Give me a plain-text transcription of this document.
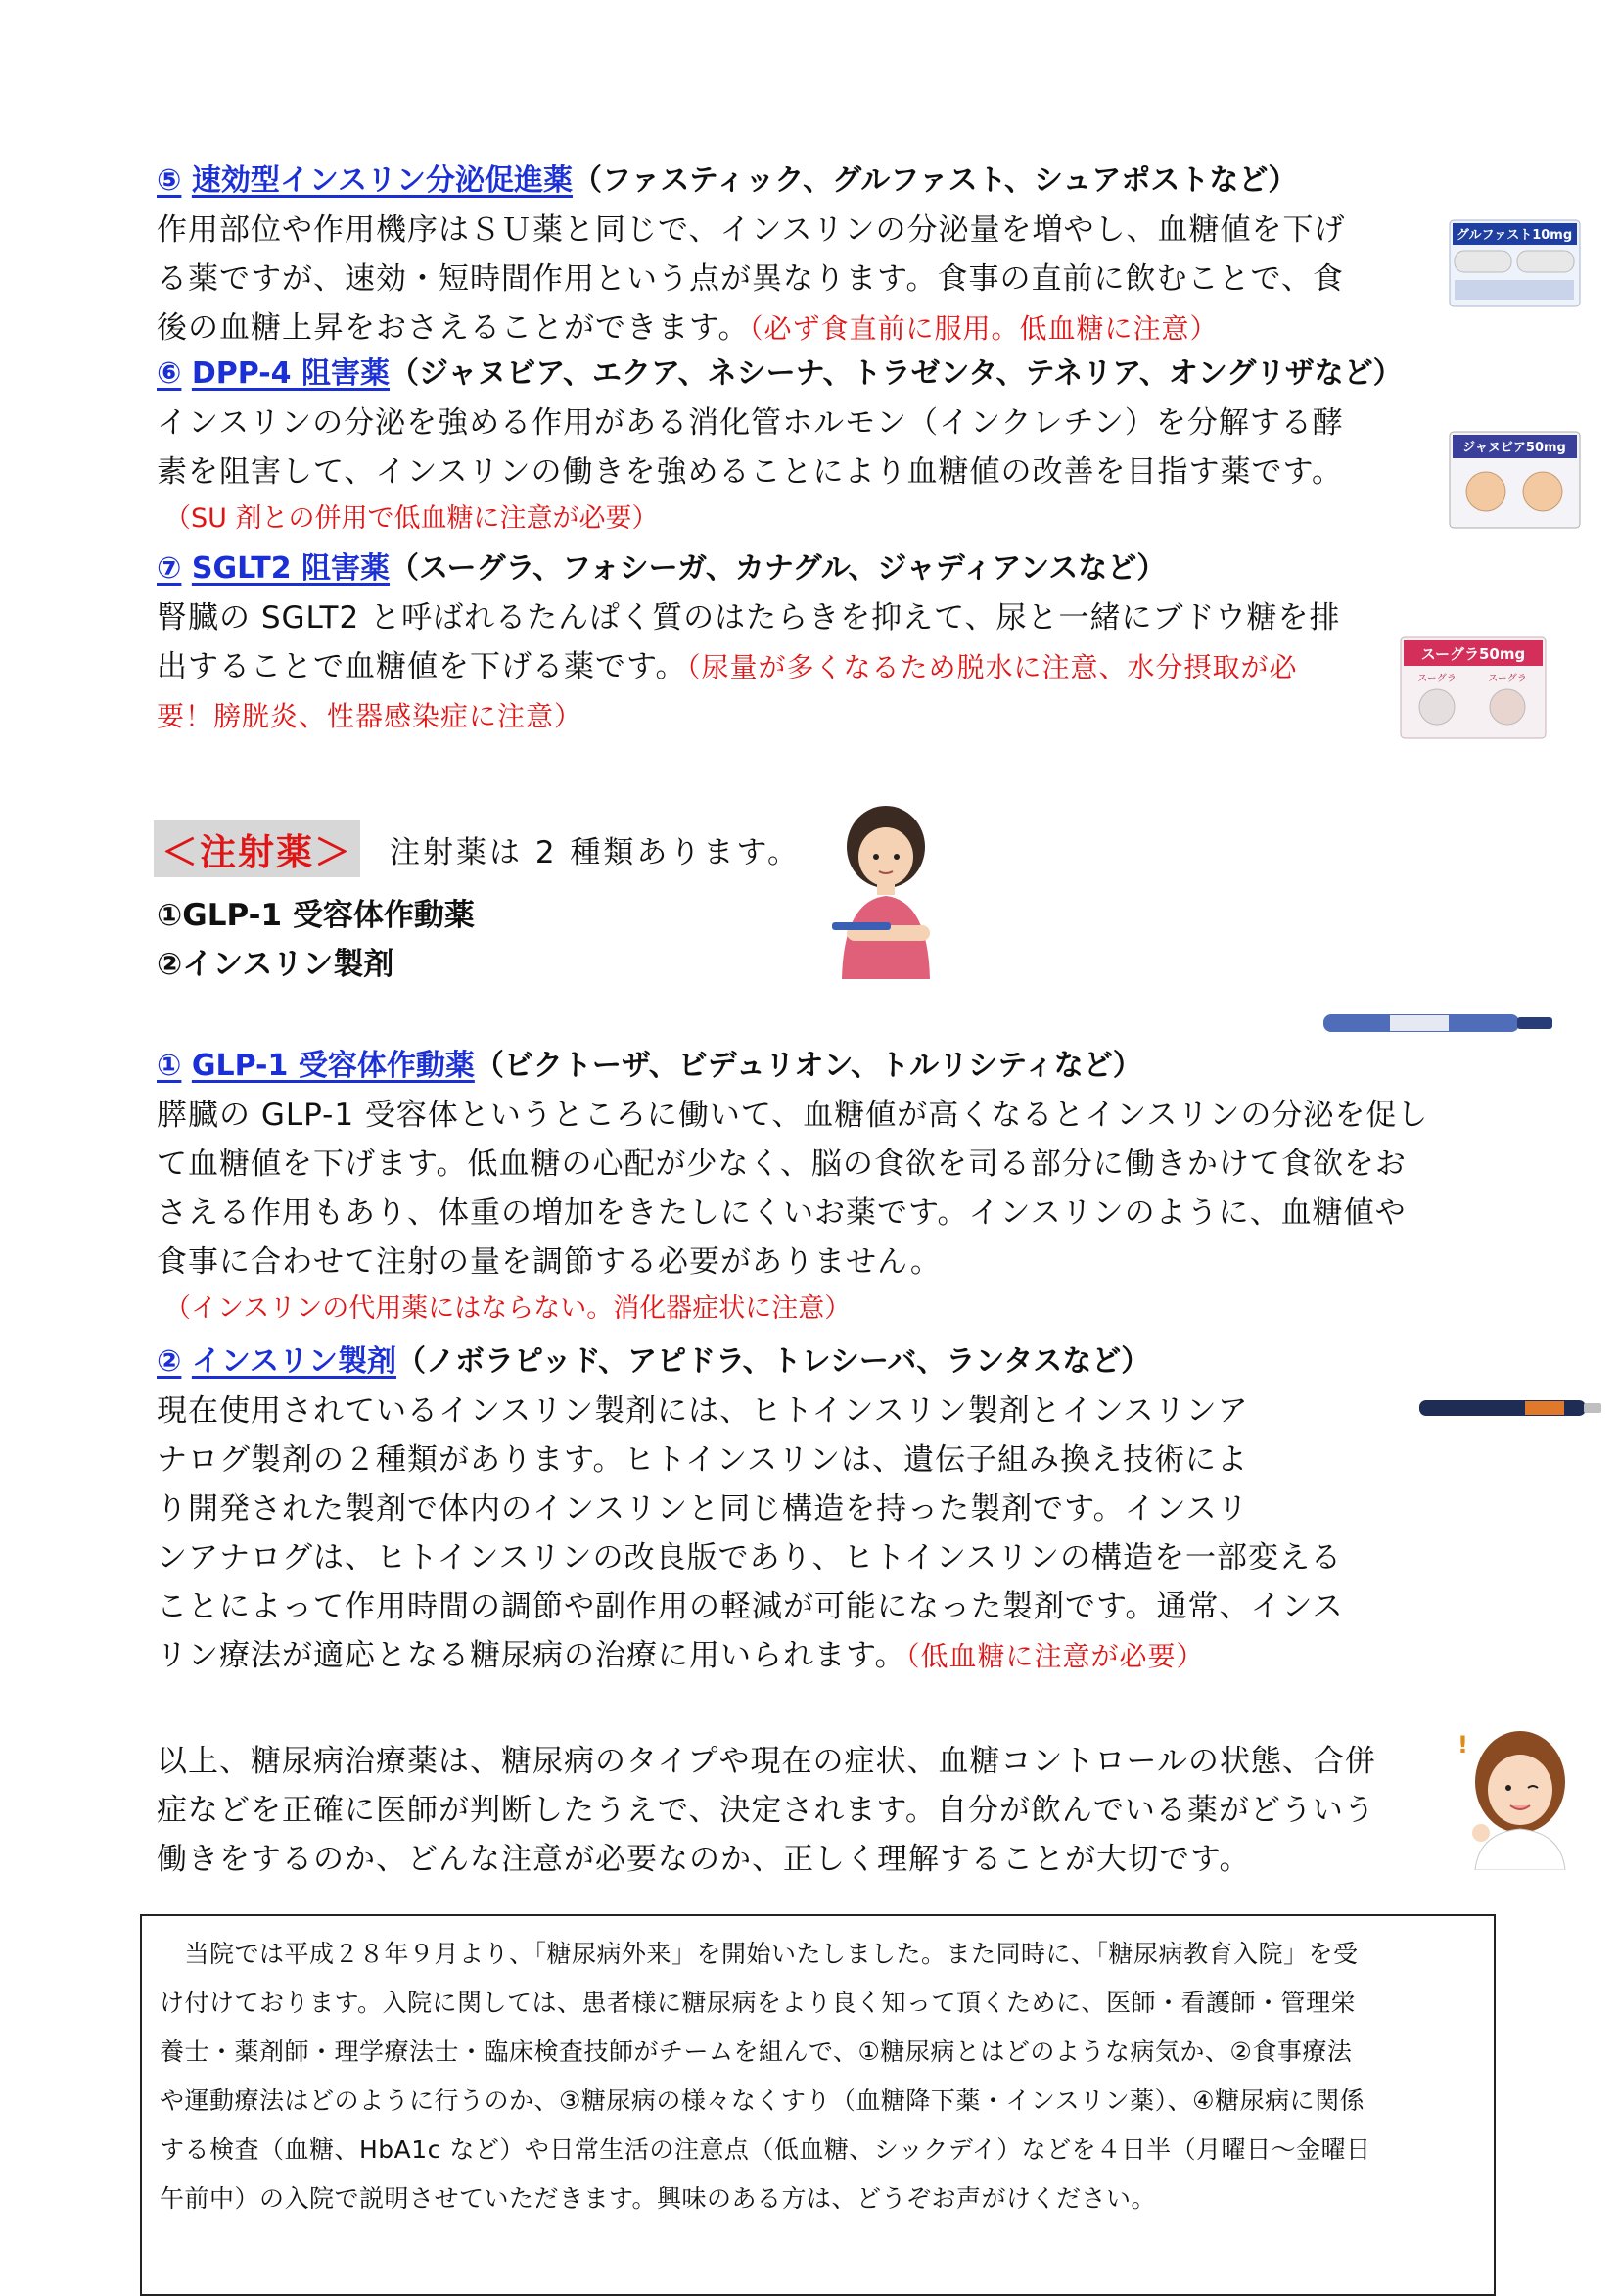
⑤ 速効型インスリン分泌促進薬（ファスティック、グルファスト、シュアポストなど）
作用部位や作用機序はＳＵ薬と同じで、インスリンの分泌量を増やし、血糖値を下げ
る薬ですが、速効・短時間作用という点が異なります。食事の直前に飲むことで、食
後の血糖上昇をおさえることができます。（必ず食直前に服用。低血糖に注意）
⑥ DPP-4 阻害薬（ジャヌビア、エクア、ネシーナ、トラゼンタ、テネリア、オングリザなど）
インスリンの分泌を強める作用がある消化管ホルモン（インクレチン）を分解する酵
素を阻害して、インスリンの働きを強めることにより血糖値の改善を目指す薬です。
（SU 剤との併用で低血糖に注意が必要）
⑦ SGLT2 阻害薬（スーグラ、フォシーガ、カナグル、ジャディアンスなど）
腎臓の SGLT2 と呼ばれるたんぱく質のはたらきを抑えて、尿と一緒にブドウ糖を排
出することで血糖値を下げる薬です。（尿量が多くなるため脱水に注意、水分摂取が必
要！膀胱炎、性器感染症に注意）
＜注射薬＞ 注射薬は 2 種類あります。
①GLP-1 受容体作動薬
②インスリン製剤
① GLP-1 受容体作動薬（ビクトーザ、ビデュリオン、トルリシティなど）
膵臓の GLP-1 受容体というところに働いて、血糖値が高くなるとインスリンの分泌を促し
て血糖値を下げます。低血糖の心配が少なく、脳の食欲を司る部分に働きかけて食欲をお
さえる作用もあり、体重の増加をきたしにくいお薬です。インスリンのように、血糖値や
食事に合わせて注射の量を調節する必要がありません。
（インスリンの代用薬にはならない。消化器症状に注意）
② インスリン製剤（ノボラピッド、アピドラ、トレシーバ、ランタスなど）
現在使用されているインスリン製剤には、ヒトインスリン製剤とインスリンア
ナログ製剤の２種類があります。ヒトインスリンは、遺伝子組み換え技術によ
り開発された製剤で体内のインスリンと同じ構造を持った製剤です。インスリ
ンアナログは、ヒトインスリンの改良版であり、ヒトインスリンの構造を一部変える
ことによって作用時間の調節や副作用の軽減が可能になった製剤です。通常、インス
リン療法が適応となる糖尿病の治療に用いられます。（低血糖に注意が必要）
以上、糖尿病治療薬は、糖尿病のタイプや現在の症状、血糖コントロールの状態、合併
症などを正確に医師が判断したうえで、決定されます。自分が飲んでいる薬がどういう
働きをするのか、どんな注意が必要なのか、正しく理解することが大切です。
　当院では平成２８年９月より、「糖尿病外来」を開始いたしました。また同時に、「糖尿病教育入院」を受
け付けております。入院に関しては、患者様に糖尿病をより良く知って頂くために、医師・看護師・管理栄
養士・薬剤師・理学療法士・臨床検査技師がチームを組んで、①糖尿病とはどのような病気か、②食事療法
や運動療法はどのように行うのか、③糖尿病の様々なくすり（血糖降下薬・インスリン薬）、④糖尿病に関係
する検査（血糖、HbA1c など）や日常生活の注意点（低血糖、シックデイ）などを４日半（月曜日～金曜日
午前中）の入院で説明させていただきます。興味のある方は、どうぞお声がけください。
グルファスト10mg
ジャヌビア50mg
スーグラ50mg
スーグラ	スーグラ
!
